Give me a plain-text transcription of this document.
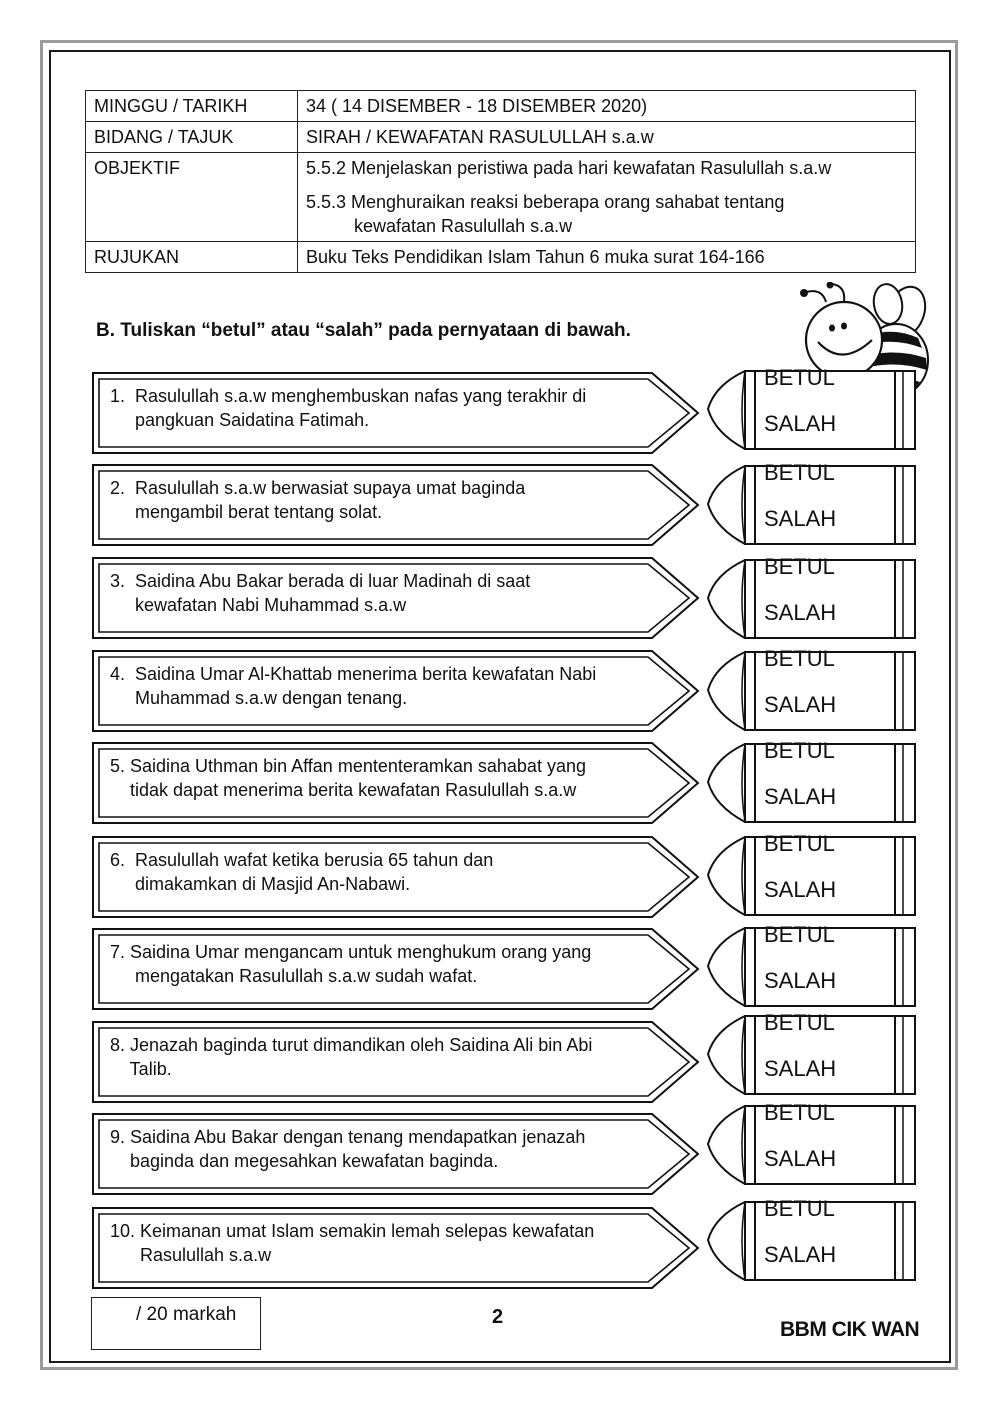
MINGGU / TARIKH	34 ( 14 DISEMBER - 18 DISEMBER 2020)
BIDANG / TAJUK	SIRAH / KEWAFATAN RASULULLAH s.a.w
OBJEKTIF	5.5.2 Menjelaskan peristiwa pada hari kewafatan Rasulullah s.a.w
5.5.3 Menghuraikan reaksi beberapa orang sahabat tentang
kewafatan Rasulullah s.a.w

RUJUKAN	Buku Teks Pendidikan Islam Tahun 6 muka surat 164-166
B. Tuliskan “betul” atau “salah” pada pernyataan di bawah.
1.  Rasulullah s.a.w menghembuskan nafas yang terakhir di
pangkuan Saidatina Fatimah.
BETUL
SALAH
2.  Rasulullah s.a.w berwasiat supaya umat baginda
mengambil berat tentang solat.
BETUL
SALAH
3.  Saidina Abu Bakar berada di luar Madinah di saat
kewafatan Nabi Muhammad s.a.w
BETUL
SALAH
4.  Saidina Umar Al-Khattab menerima berita kewafatan Nabi
Muhammad s.a.w dengan tenang.
BETUL
SALAH
5. Saidina Uthman bin Affan mententeramkan sahabat yang
tidak dapat menerima berita kewafatan Rasulullah s.a.w
BETUL
SALAH
6.  Rasulullah wafat ketika berusia 65 tahun dan
dimakamkan di Masjid An-Nabawi.
BETUL
SALAH
7. Saidina Umar mengancam untuk menghukum orang yang
mengatakan Rasulullah s.a.w sudah wafat.
BETUL
SALAH
8. Jenazah baginda turut dimandikan oleh Saidina Ali bin Abi
Talib.
BETUL
SALAH
9. Saidina Abu Bakar dengan tenang mendapatkan jenazah
baginda dan megesahkan kewafatan baginda.
BETUL
SALAH
10. Keimanan umat Islam semakin lemah selepas kewafatan
Rasulullah s.a.w
BETUL
SALAH
/ 20 markah	2
BBM CIK WAN
